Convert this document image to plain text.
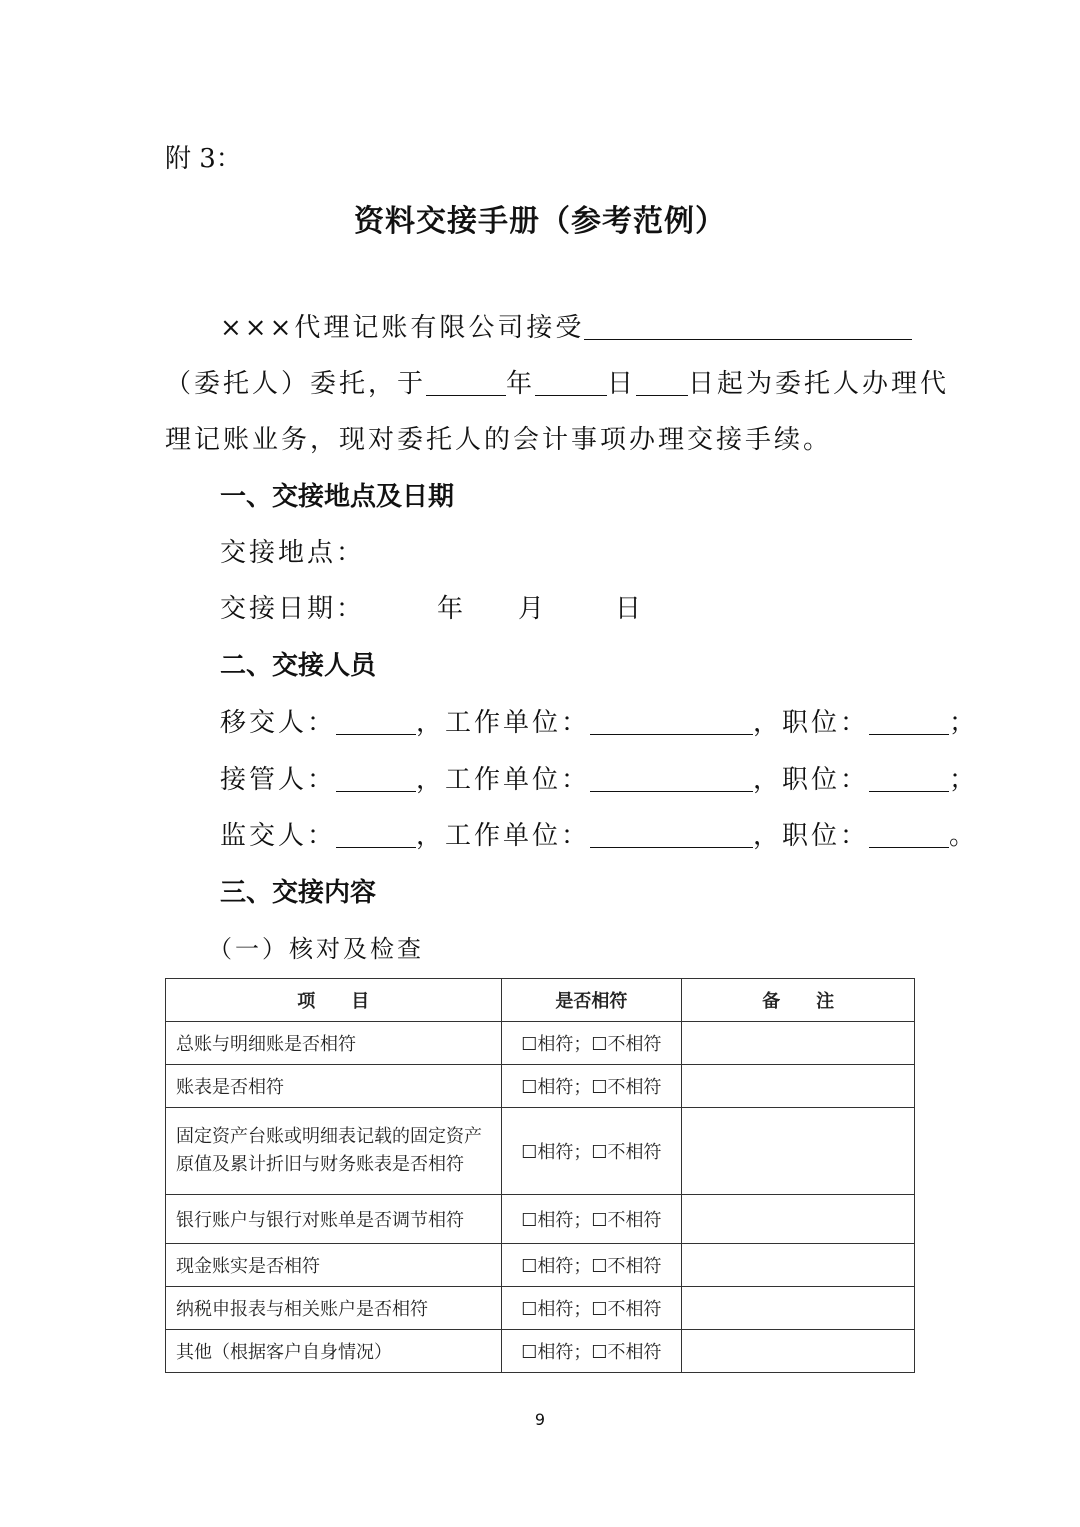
附 3：
资料交接手册（参考范例）
×××代理记账有限公司接受
（委托人）委托，于	年	日 日起为委托人办理代
理记账业务，现对委托人的会计事项办理交接手续。
一、交接地点及日期
交接地点：
交接日期：	年 月	日
二、交接人员
移交人：	，工作单位：	，职位：	；
接管人：	，工作单位：	，职位：	；
监交人：	，工作单位：	，职位：	。
三、交接内容
（一）核对及检查
项　　目	是否相符	备　　注
总账与明细账是否相符	☐相符；☐不相符	
账表是否相符	☐相符；☐不相符	
固定资产台账或明细表记载的固定资产原值及累计折旧与财务账表是否相符	☐相符；☐不相符	
银行账户与银行对账单是否调节相符	☐相符；☐不相符	
现金账实是否相符	☐相符；☐不相符	
纳税申报表与相关账户是否相符	☐相符；☐不相符	
其他（根据客户自身情况）	☐相符；☐不相符	
9
